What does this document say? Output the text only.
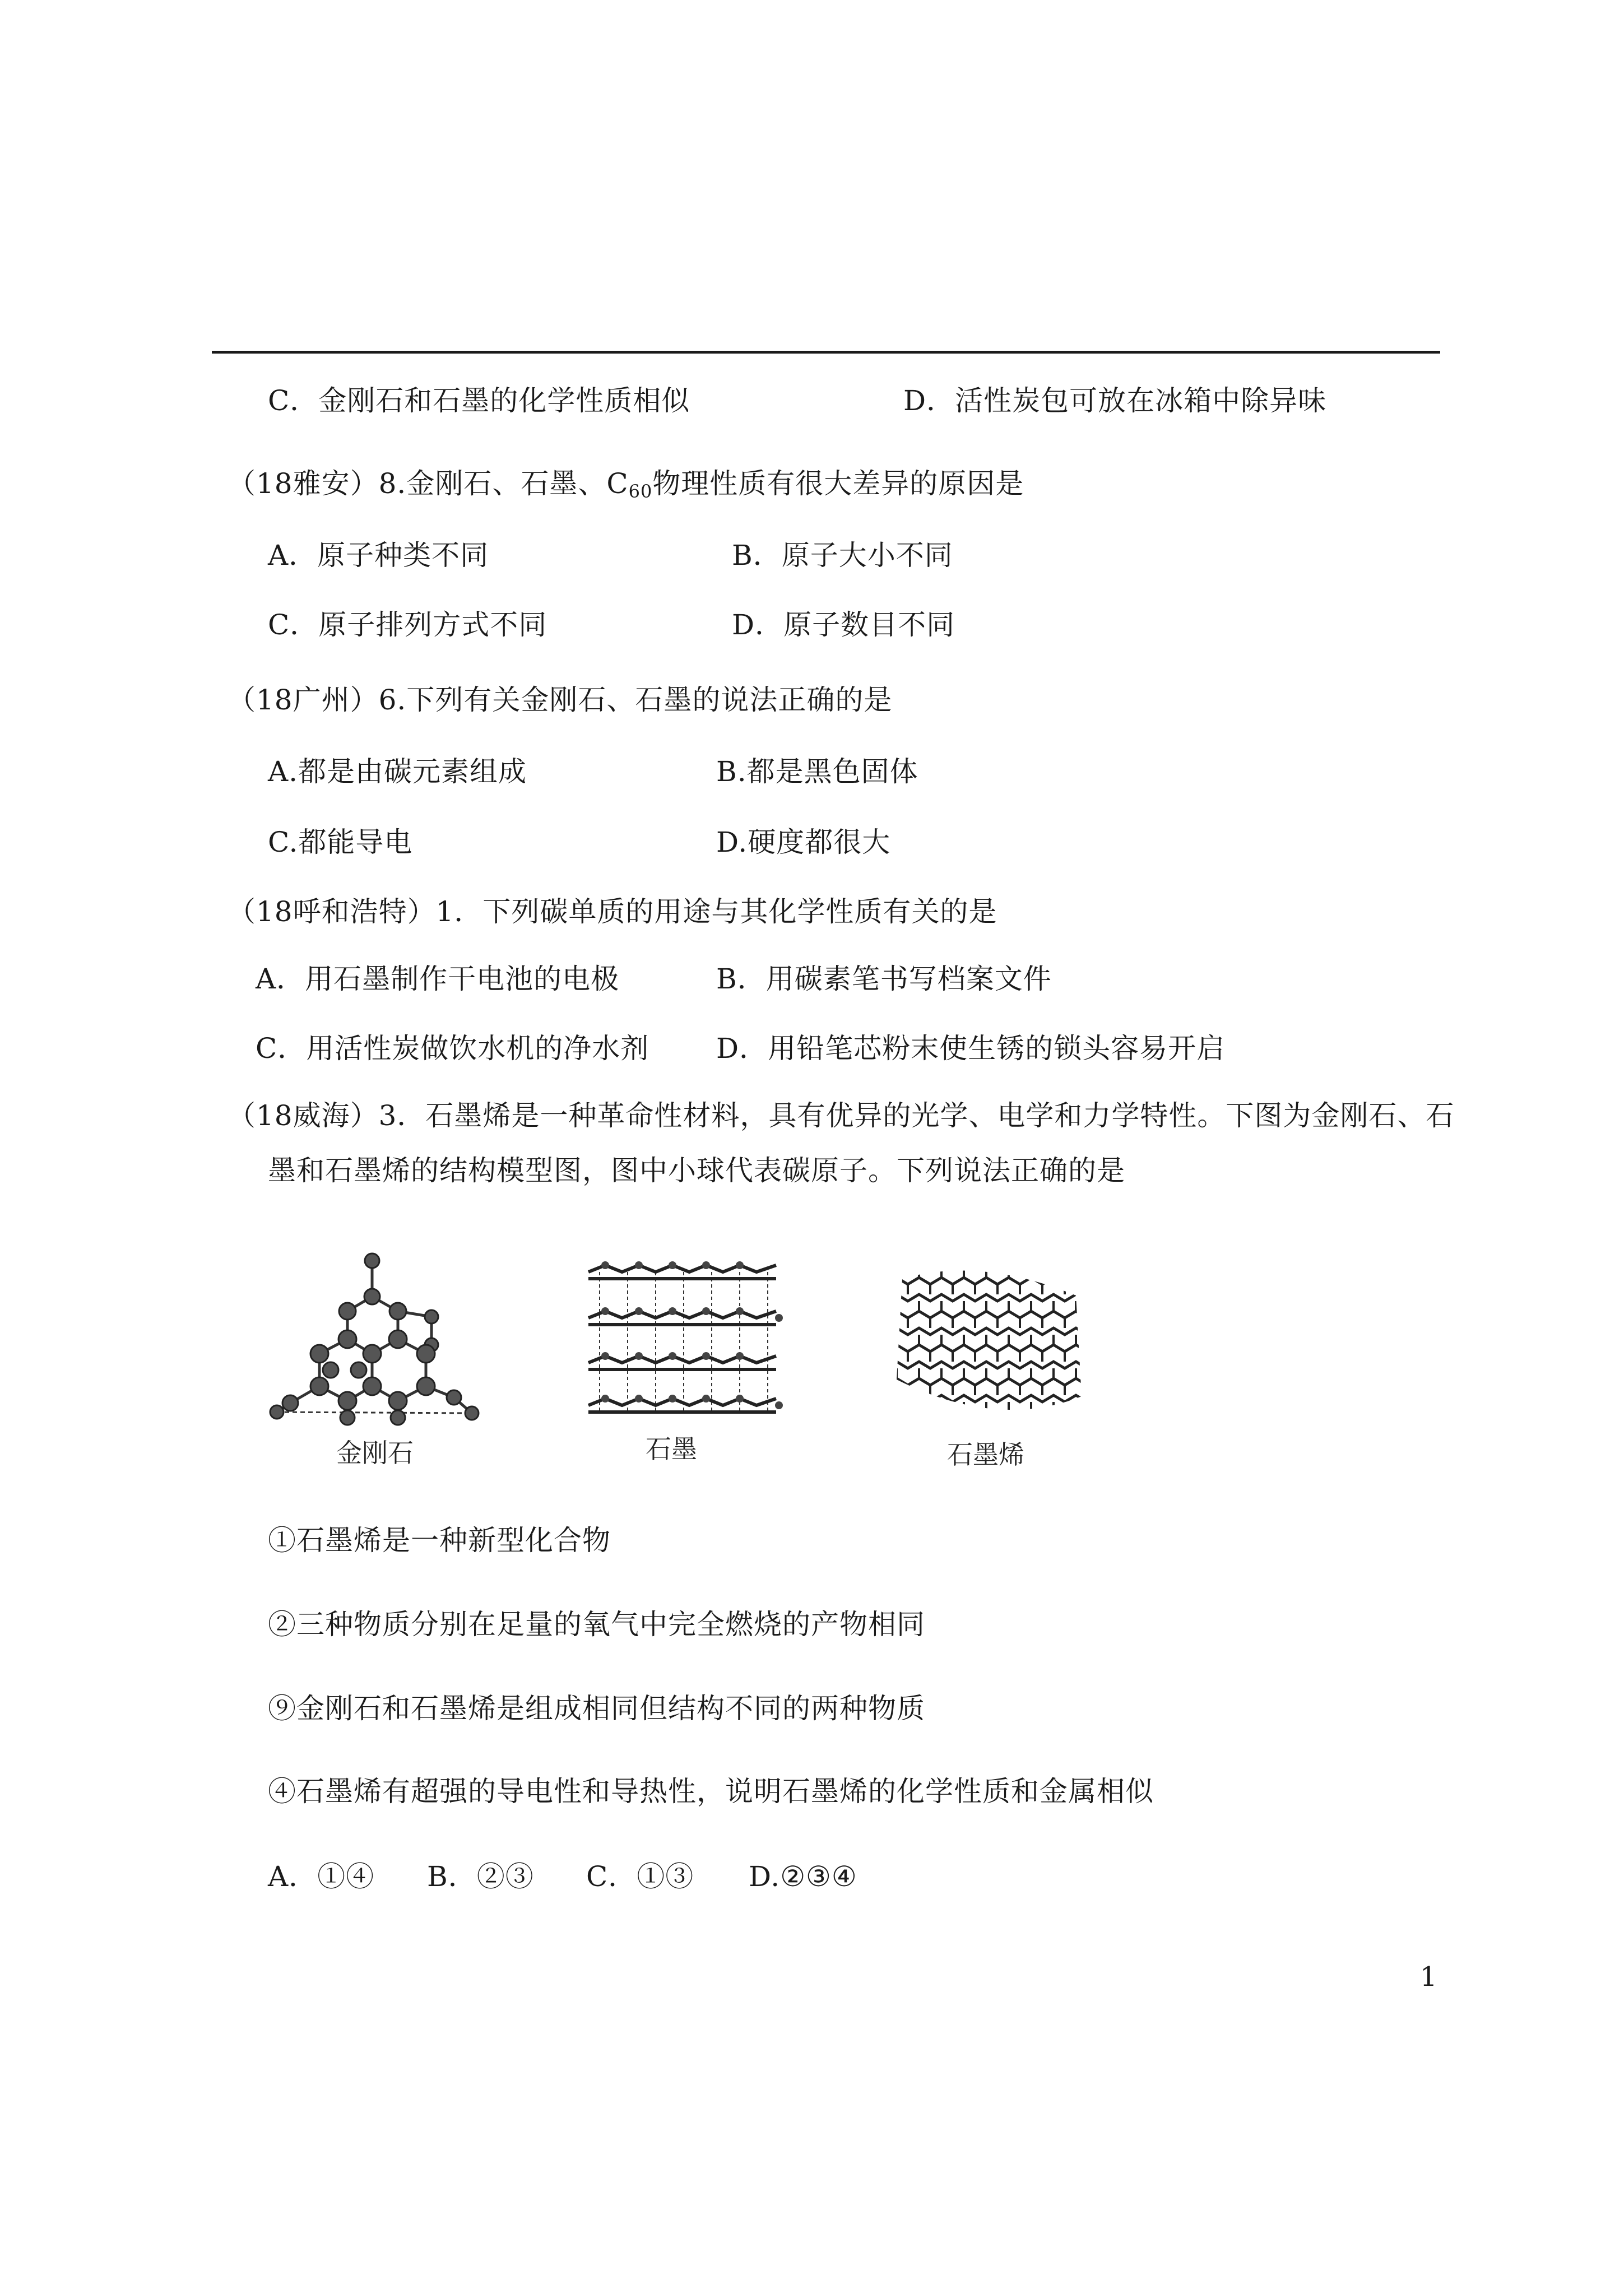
C．金刚石和石墨的化学性质相似	D．活性炭包可放在冰箱中除异味
（18雅安）8.金刚石、石墨、$C_{60}$物理性质有很大差异的原因是
A．原子种类不同	B．原子大小不同
C．原子排列方式不同	D．原子数目不同
（18广州）6.下列有关金刚石、石墨的说法正确的是
A.都是由碳元素组成	B.都是黑色固体
C.都能导电	D.硬度都很大
（18呼和浩特）1．下列碳单质的用途与其化学性质有关的是
A．用石墨制作干电池的电极	B．用碳素笔书写档案文件
C．用活性炭做饮水机的净水剂 D．用铅笔芯粉末使生锈的锁头容易开启
（18威海）3．石墨烯是一种革命性材料，具有优异的光学、电学和力学特性。下图为金刚石、石
墨和石墨烯的结构模型图，图中小球代表碳原子。下列说法正确的是
金刚石	石墨	石墨烯
①石墨烯是一种新型化合物
②三种物质分别在足量的氧气中完全燃烧的产物相同
⑨金刚石和石墨烯是组成相同但结构不同的两种物质
④石墨烯有超强的导电性和导热性，说明石墨烯的化学性质和金属相似
A．①④ B．②③ C．①③ D.②③④
1
